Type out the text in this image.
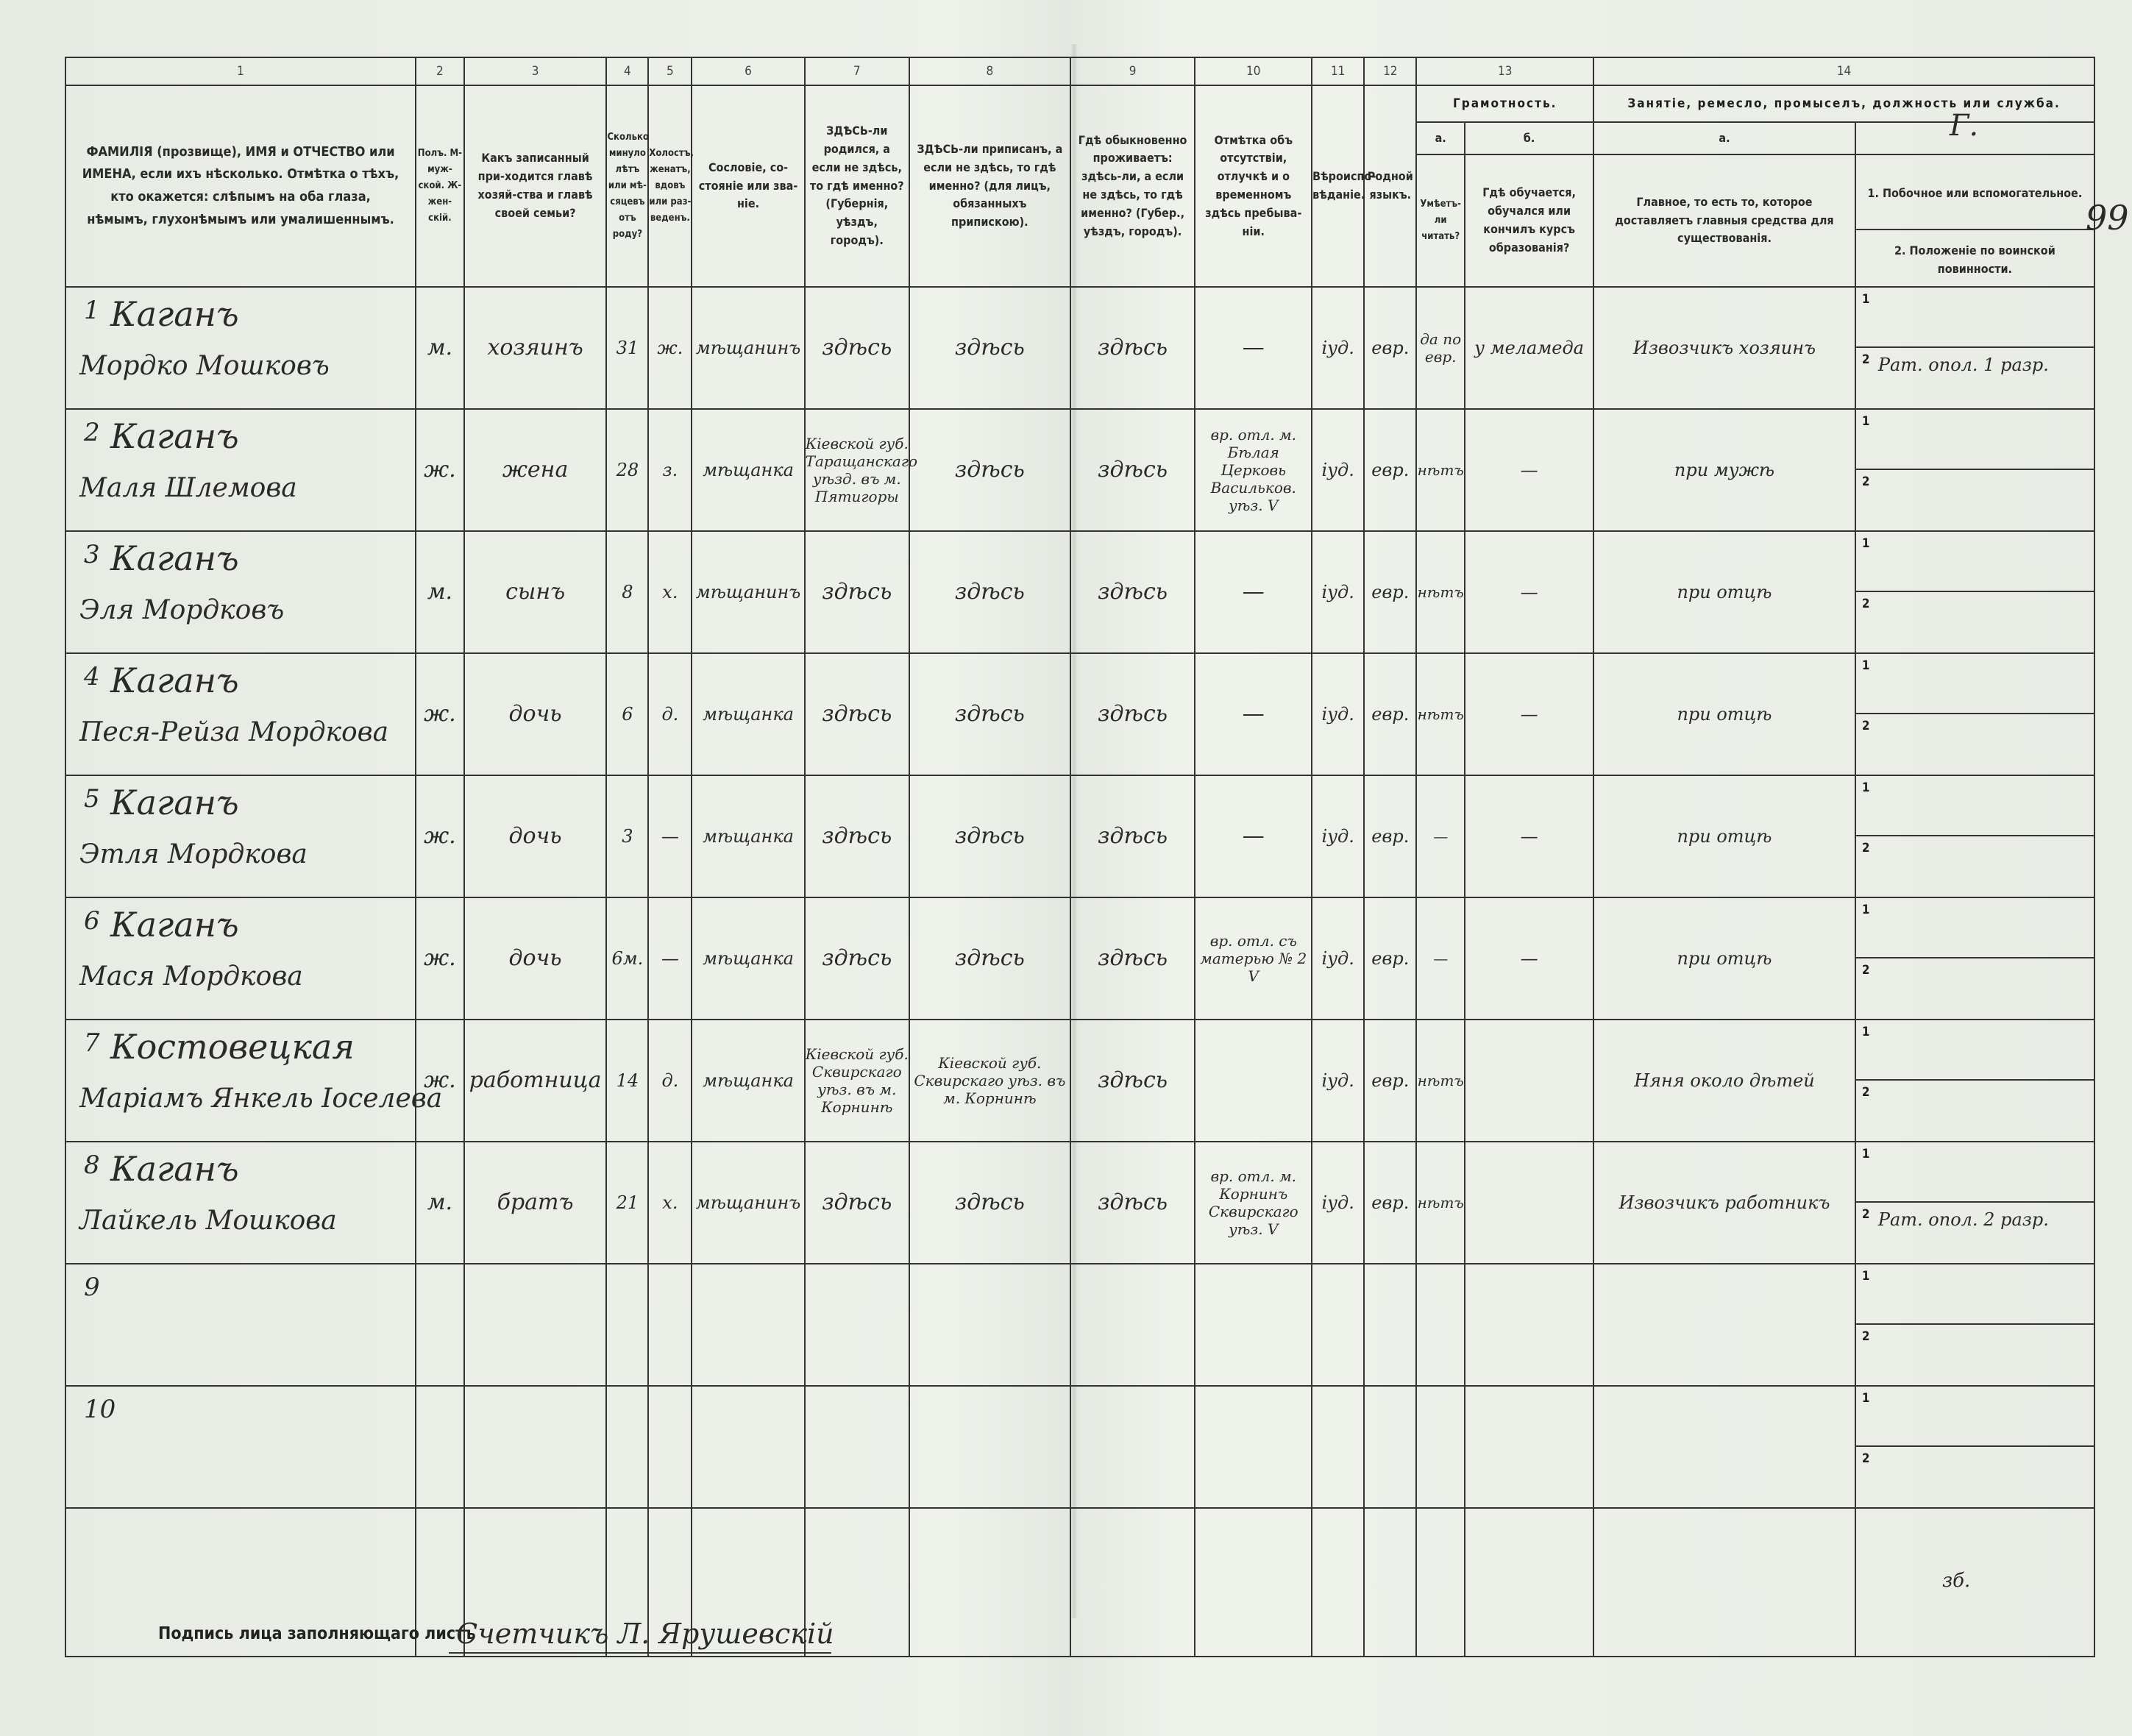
1	2	3	4	5	6	7	8	9	10	11	12	13		14	
ФАМИЛІЯ (прозвище), ИМЯ и ОТЧЕСТВО или ИМЕНА, если ихъ нѣсколько. Отмѣтка о тѣхъ, кто окажется: слѣпымъ на оба глаза, нѣмымъ, глухонѣмымъ или умалишеннымъ.	Полъ. М-муж-ской. Ж-жен-скій.	Какъ записанный при-ходится главѣ хозяй-ства и главѣ своей семьи?	Сколько минуло лѣтъ или мѣ-сяцевъ отъ роду?	Холостъ, женатъ, вдовъ или раз-веденъ.	Сословіе, со-стояніе или зва-ніе.	ЗДѢСЬ-ли родился, а если не здѣсь, то гдѣ именно? (Губернія, уѣздъ, городъ).	ЗДѢСЬ-ли приписанъ, а если не здѣсь, то гдѣ именно? (для лицъ, обязанныхъ припискою).	Гдѣ обыкновенно проживаетъ: здѣсь-ли, а если не здѣсь, то гдѣ именно? (Губер., уѣздъ, городъ).	Отмѣтка объ отсутствіи, отлучкѣ и о временномъ здѣсь пребыва-ніи.	Вѣроиспо-вѣданіе.	Родной языкъ.	Грамотность.		Занятіе, ремесло, промыселъ, должность или служба.	
												а.	б.	а.	
												Умѣетъ-ли читать?	Гдѣ обучается, обучался или кончилъ курсъ образованія?	Главное, то есть то, которое доставляетъ главныя средства для существованія.	1. Побочное или вспомогательное.
2. Положеніе по воинской повинности.

1 Каганъ
Мордко Мошковъ	м.	хозяинъ	31	ж.	мѣщанинъ	здѣсь	здѣсь	здѣсь	—	іуд.	евр.	да по евр.	у меламеда	Извозчикъ хозяинъ	1
2 Рат. опол. 1 разр.

2 Каганъ
Маля Шлемова	ж.	жена	28	з.	мѣщанка	Кіевской губ. Таращанскаго уѣзд. въ м. Пятигоры	здѣсь	здѣсь	вр. отл. м. Бѣлая Церковь Васильков. уѣз. V	іуд.	евр.	нѣтъ	—	при мужѣ	1
2

3 Каганъ
Эля Мордковъ	м.	сынъ	8	х.	мѣщанинъ	здѣсь	здѣсь	здѣсь	—	іуд.	евр.	нѣтъ	—	при отцѣ	1
2

4 Каганъ
Песя-Рейза Мордкова	ж.	дочь	6	д.	мѣщанка	здѣсь	здѣсь	здѣсь	—	іуд.	евр.	нѣтъ	—	при отцѣ	1
2

5 Каганъ
Этля Мордкова	ж.	дочь	3	—	мѣщанка	здѣсь	здѣсь	здѣсь	—	іуд.	евр.	—	—	при отцѣ	1
2

6 Каганъ
Мася Мордкова	ж.	дочь	6м.	—	мѣщанка	здѣсь	здѣсь	здѣсь	вр. отл. съ матерью № 2 V	іуд.	евр.	—	—	при отцѣ	1
2

7 Костовецкая
Маріамъ Янкель Іоселева	ж.	работница	14	д.	мѣщанка	Кіевской губ. Сквирскаго уѣз. въ м. Корнинѣ	Кіевской губ. Сквирскаго уѣз. въ м. Корнинѣ	здѣсь		іуд.	евр.	нѣтъ		Няня около дѣтей	1
2

8 Каганъ
Лайкель Мошкова	м.	братъ	21	х.	мѣщанинъ	здѣсь	здѣсь	здѣсь	вр. отл. м. Корнинъ Сквирскаго уѣз. V	іуд.	евр.	нѣтъ		Извозчикъ работникъ	1
2 Рат. опол. 2 разр.

9															1
2

10															1
2

Подпись лица заполняющаго листъ
Счетчикъ Л. Ярушевскій
99
Г.
зб.
